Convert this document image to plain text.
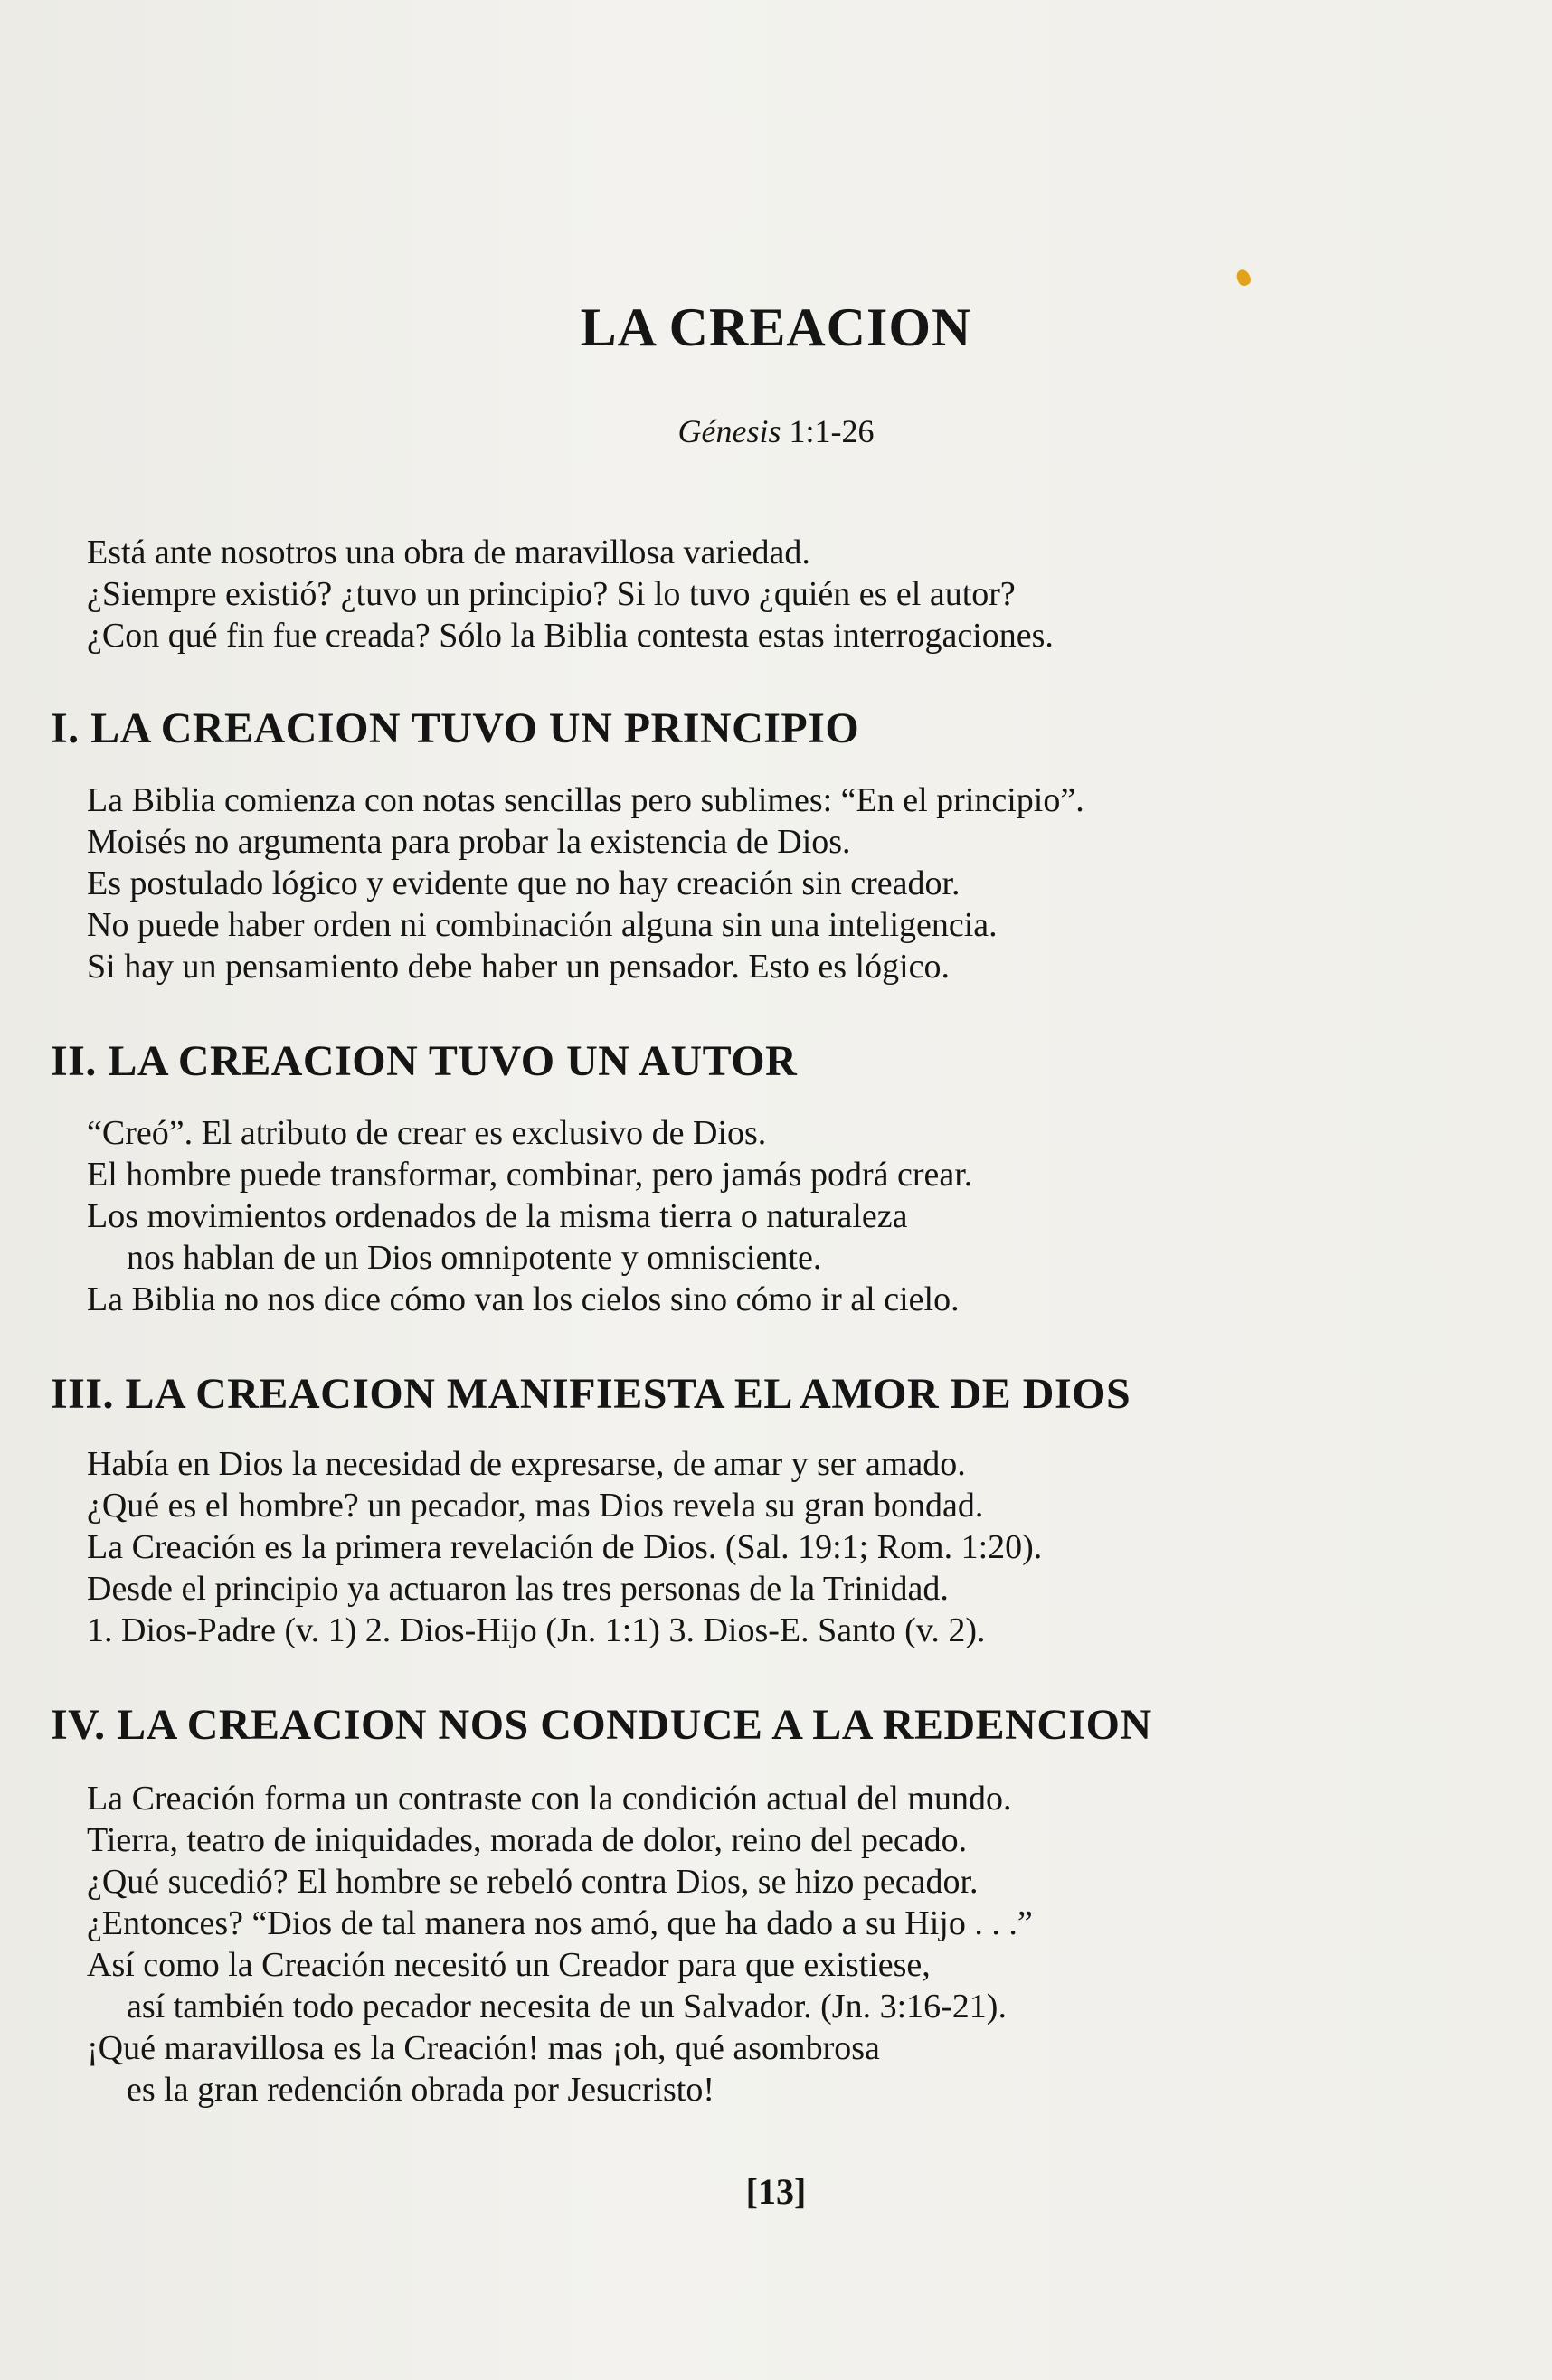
LA CREACION
Génesis 1:1-26
Está ante nosotros una obra de maravillosa variedad.
¿Siempre existió? ¿tuvo un principio? Si lo tuvo ¿quién es el autor?
¿Con qué fin fue creada? Sólo la Biblia contesta estas interrogaciones.
I. LA CREACION TUVO UN PRINCIPIO
La Biblia comienza con notas sencillas pero sublimes: “En el principio”.
Moisés no argumenta para probar la existencia de Dios.
Es postulado lógico y evidente que no hay creación sin creador.
No puede haber orden ni combinación alguna sin una inteligencia.
Si hay un pensamiento debe haber un pensador. Esto es lógico.
II. LA CREACION TUVO UN AUTOR
“Creó”. El atributo de crear es exclusivo de Dios.
El hombre puede transformar, combinar, pero jamás podrá crear.
Los movimientos ordenados de la misma tierra o naturaleza
nos hablan de un Dios omnipotente y omnisciente.
La Biblia no nos dice cómo van los cielos sino cómo ir al cielo.
III. LA CREACION MANIFIESTA EL AMOR DE DIOS
Había en Dios la necesidad de expresarse, de amar y ser amado.
¿Qué es el hombre? un pecador, mas Dios revela su gran bondad.
La Creación es la primera revelación de Dios. (Sal. 19:1; Rom. 1:20).
Desde el principio ya actuaron las tres personas de la Trinidad.
1. Dios-Padre (v. 1) 2. Dios-Hijo (Jn. 1:1) 3. Dios-E. Santo (v. 2).
IV. LA CREACION NOS CONDUCE A LA REDENCION
La Creación forma un contraste con la condición actual del mundo.
Tierra, teatro de iniquidades, morada de dolor, reino del pecado.
¿Qué sucedió? El hombre se rebeló contra Dios, se hizo pecador.
¿Entonces? “Dios de tal manera nos amó, que ha dado a su Hijo . . .”
Así como la Creación necesitó un Creador para que existiese,
así también todo pecador necesita de un Salvador. (Jn. 3:16-21).
¡Qué maravillosa es la Creación! mas ¡oh, qué asombrosa
es la gran redención obrada por Jesucristo!
[13]
